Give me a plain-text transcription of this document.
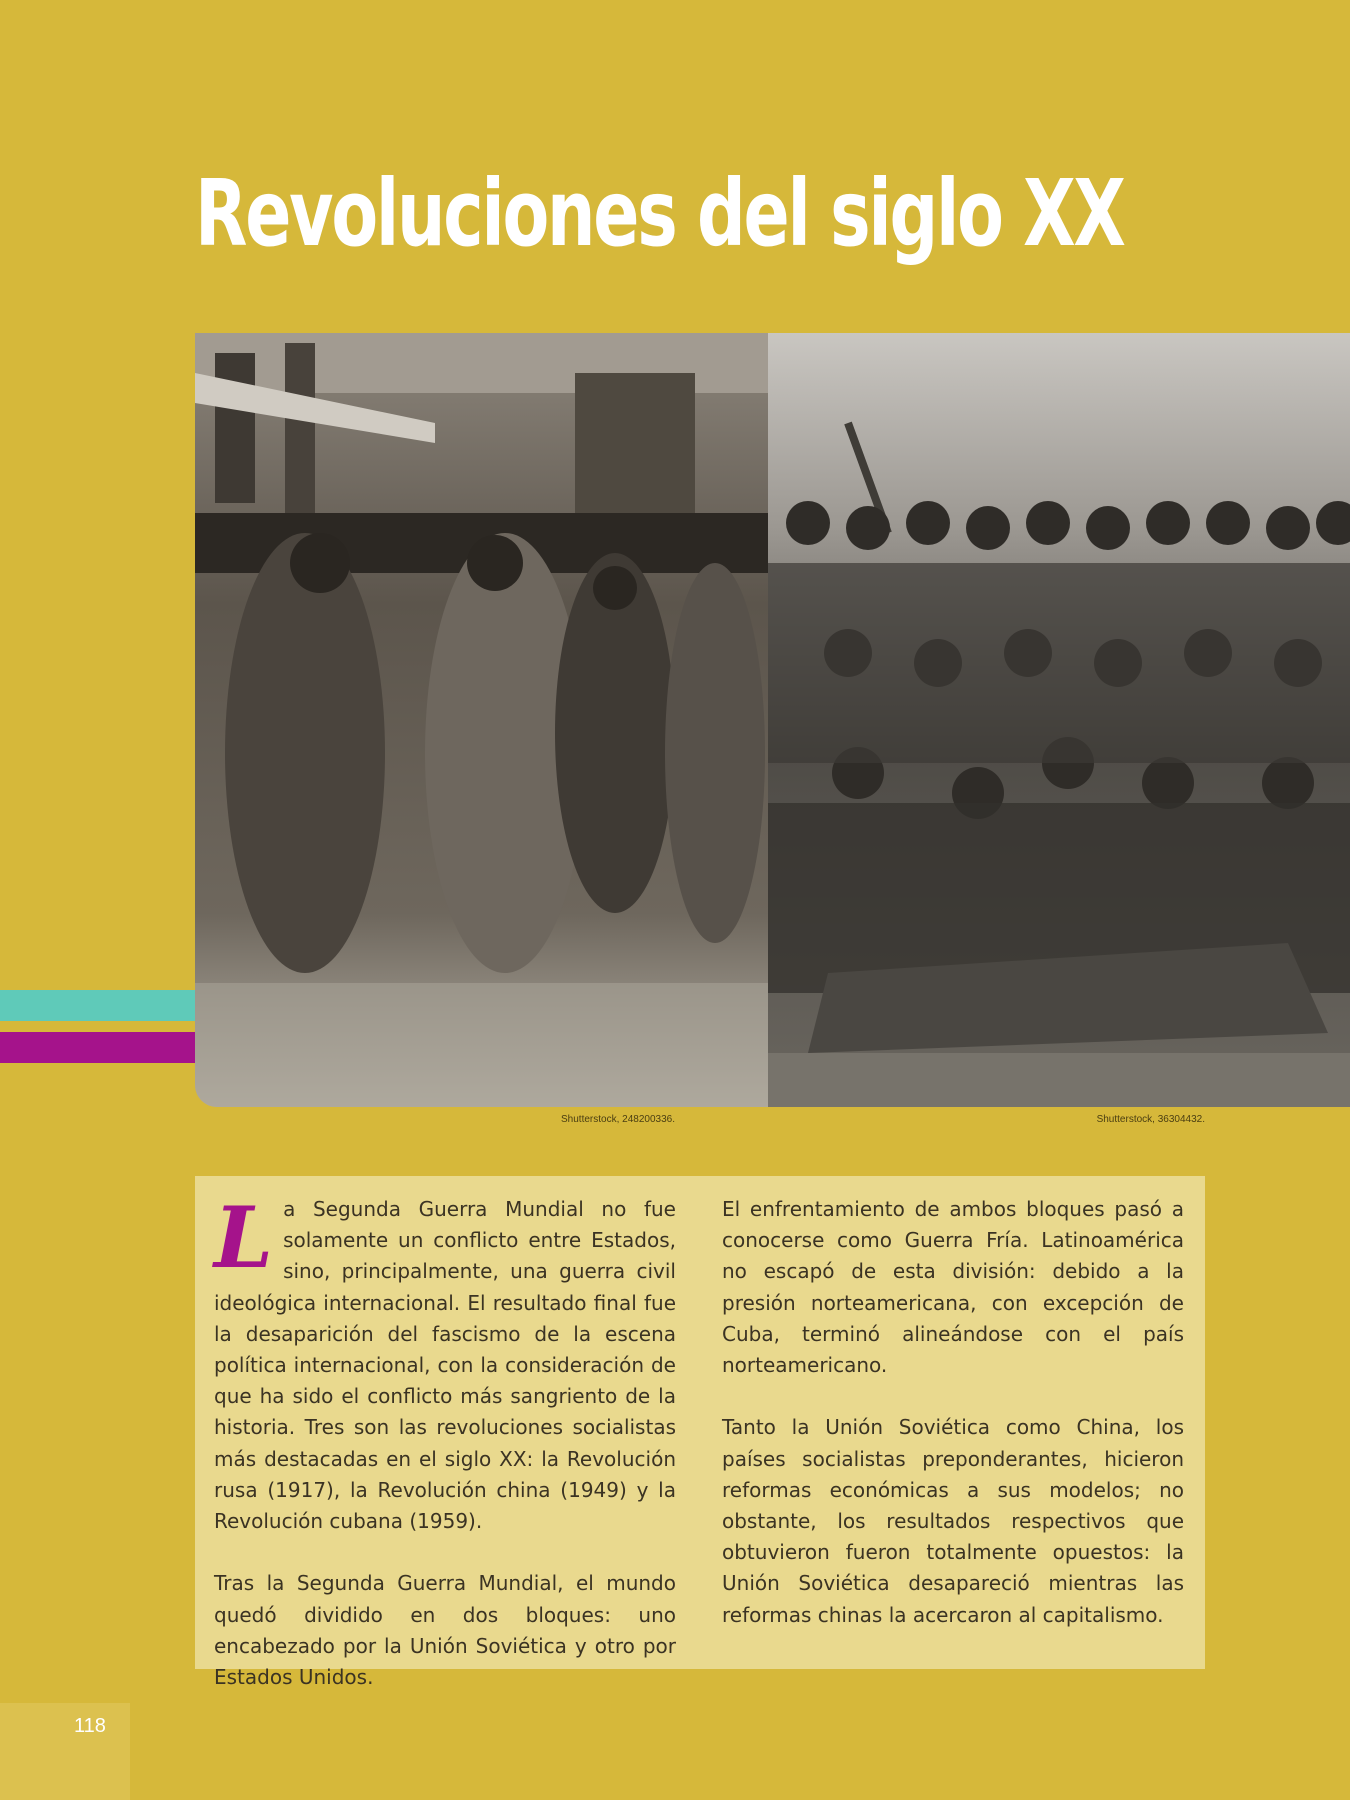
Revoluciones del siglo XX
Shutterstock, 248200336.	Shutterstock, 36304432.

La Segunda Guerra Mundial no fue solamente un conflicto entre Estados, sino, principalmente, una guerra civil ideológica internacional. El resultado final fue la desaparición del fascismo de la escena política internacional, con la consideración de que ha sido el conflicto más sangriento de la historia. Tres son las revoluciones socialistas más destacadas en el siglo XX: la Revolución rusa (1917), la Revolución china (1949) y la Revolución cubana (1959).

Tras la Segunda Guerra Mundial, el mundo quedó dividido en dos bloques: uno encabezado por la Unión Soviética y otro por Estados Unidos.

El enfrentamiento de ambos bloques pasó a conocerse como Guerra Fría. Latinoamérica no escapó de esta división: debido a la presión norteamericana, con excepción de Cuba, terminó alineándose con el país norteamericano.

Tanto la Unión Soviética como China, los países socialistas preponderantes, hicieron reformas económicas a sus modelos; no obstante, los resultados respectivos que obtuvieron fueron totalmente opuestos: la Unión Soviética desapareció mientras las reformas chinas la acercaron al capitalismo.

118
